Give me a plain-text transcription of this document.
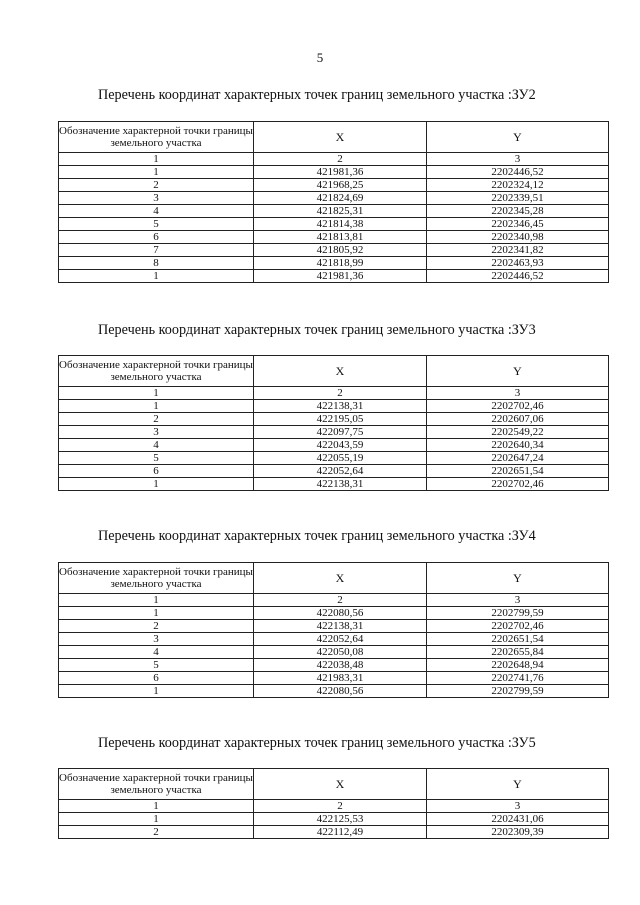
5
Перечень координат характерных точек границ земельного участка :ЗУ2
Обозначение характерной точки границы земельного участка	X	Y
1	2	3
1	421981,36	2202446,52
2	421968,25	2202324,12
3	421824,69	2202339,51
4	421825,31	2202345,28
5	421814,38	2202346,45
6	421813,81	2202340,98
7	421805,92	2202341,82
8	421818,99	2202463,93
1	421981,36	2202446,52
Перечень координат характерных точек границ земельного участка :ЗУ3
Обозначение характерной точки границы земельного участка	X	Y
1	2	3
1	422138,31	2202702,46
2	422195,05	2202607,06
3	422097,75	2202549,22
4	422043,59	2202640,34
5	422055,19	2202647,24
6	422052,64	2202651,54
1	422138,31	2202702,46
Перечень координат характерных точек границ земельного участка :ЗУ4
Обозначение характерной точки границы земельного участка	X	Y
1	2	3
1	422080,56	2202799,59
2	422138,31	2202702,46
3	422052,64	2202651,54
4	422050,08	2202655,84
5	422038,48	2202648,94
6	421983,31	2202741,76
1	422080,56	2202799,59
Перечень координат характерных точек границ земельного участка :ЗУ5
Обозначение характерной точки границы земельного участка	X	Y
1	2	3
1	422125,53	2202431,06
2	422112,49	2202309,39
